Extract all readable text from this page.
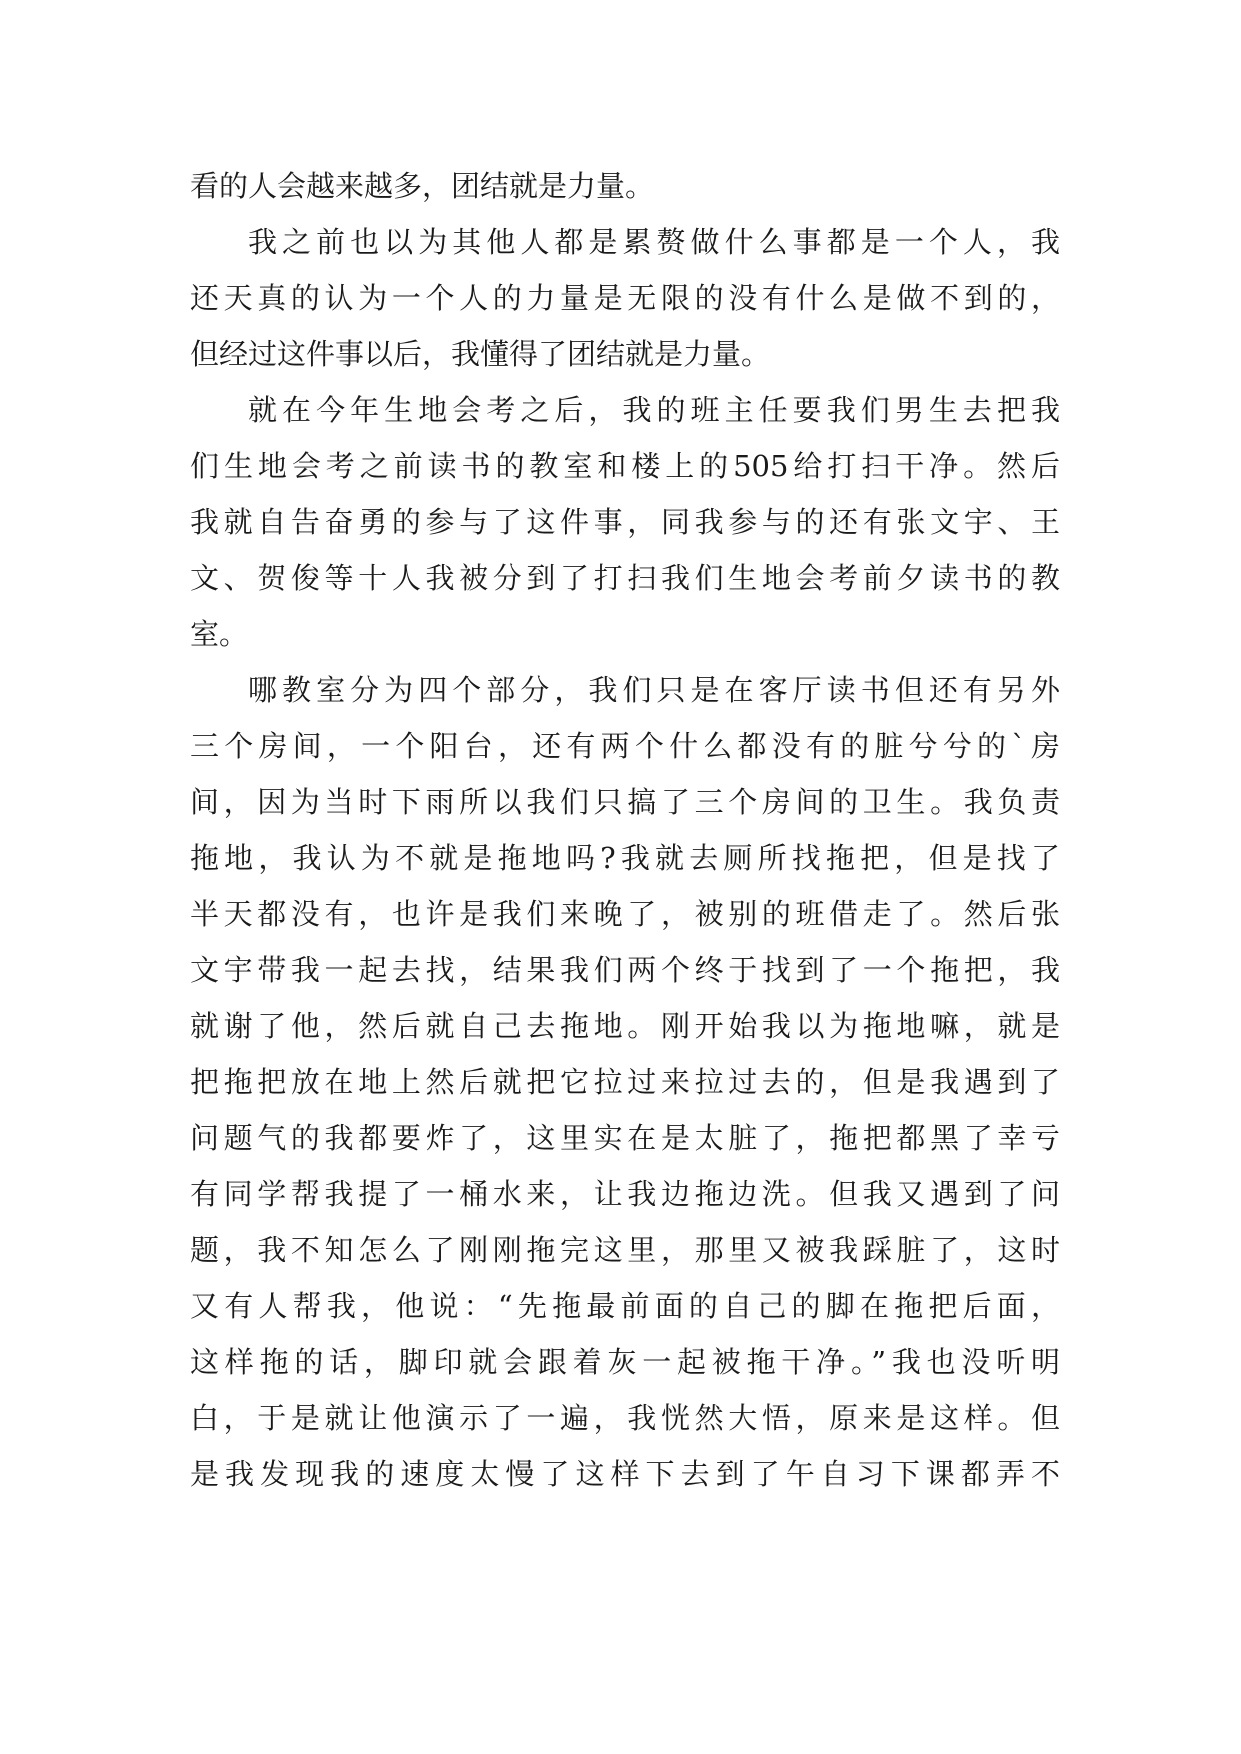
看的人会越来越多，团结就是力量。
我之前也以为其他人都是累赘做什么事都是一个人，我
还天真的认为一个人的力量是无限的没有什么是做不到的，
但经过这件事以后，我懂得了团结就是力量。
就在今年生地会考之后，我的班主任要我们男生去把我
们生地会考之前读书的教室和楼上的505给打扫干净。然后
我就自告奋勇的参与了这件事，同我参与的还有张文宇、王
文、贺俊等十人我被分到了打扫我们生地会考前夕读书的教
室。
哪教室分为四个部分，我们只是在客厅读书但还有另外
三个房间，一个阳台，还有两个什么都没有的脏兮兮的`房
间，因为当时下雨所以我们只搞了三个房间的卫生。我负责
拖地，我认为不就是拖地吗?我就去厕所找拖把，但是找了
半天都没有，也许是我们来晚了，被别的班借走了。然后张
文宇带我一起去找，结果我们两个终于找到了一个拖把，我
就谢了他，然后就自己去拖地。刚开始我以为拖地嘛，就是
把拖把放在地上然后就把它拉过来拉过去的，但是我遇到了
问题气的我都要炸了，这里实在是太脏了，拖把都黑了幸亏
有同学帮我提了一桶水来，让我边拖边洗。但我又遇到了问
题，我不知怎么了刚刚拖完这里，那里又被我踩脏了，这时
又有人帮我，他说：“先拖最前面的自己的脚在拖把后面，
这样拖的话，脚印就会跟着灰一起被拖干净。”我也没听明
白，于是就让他演示了一遍，我恍然大悟，原来是这样。但
是我发现我的速度太慢了这样下去到了午自习下课都弄不
